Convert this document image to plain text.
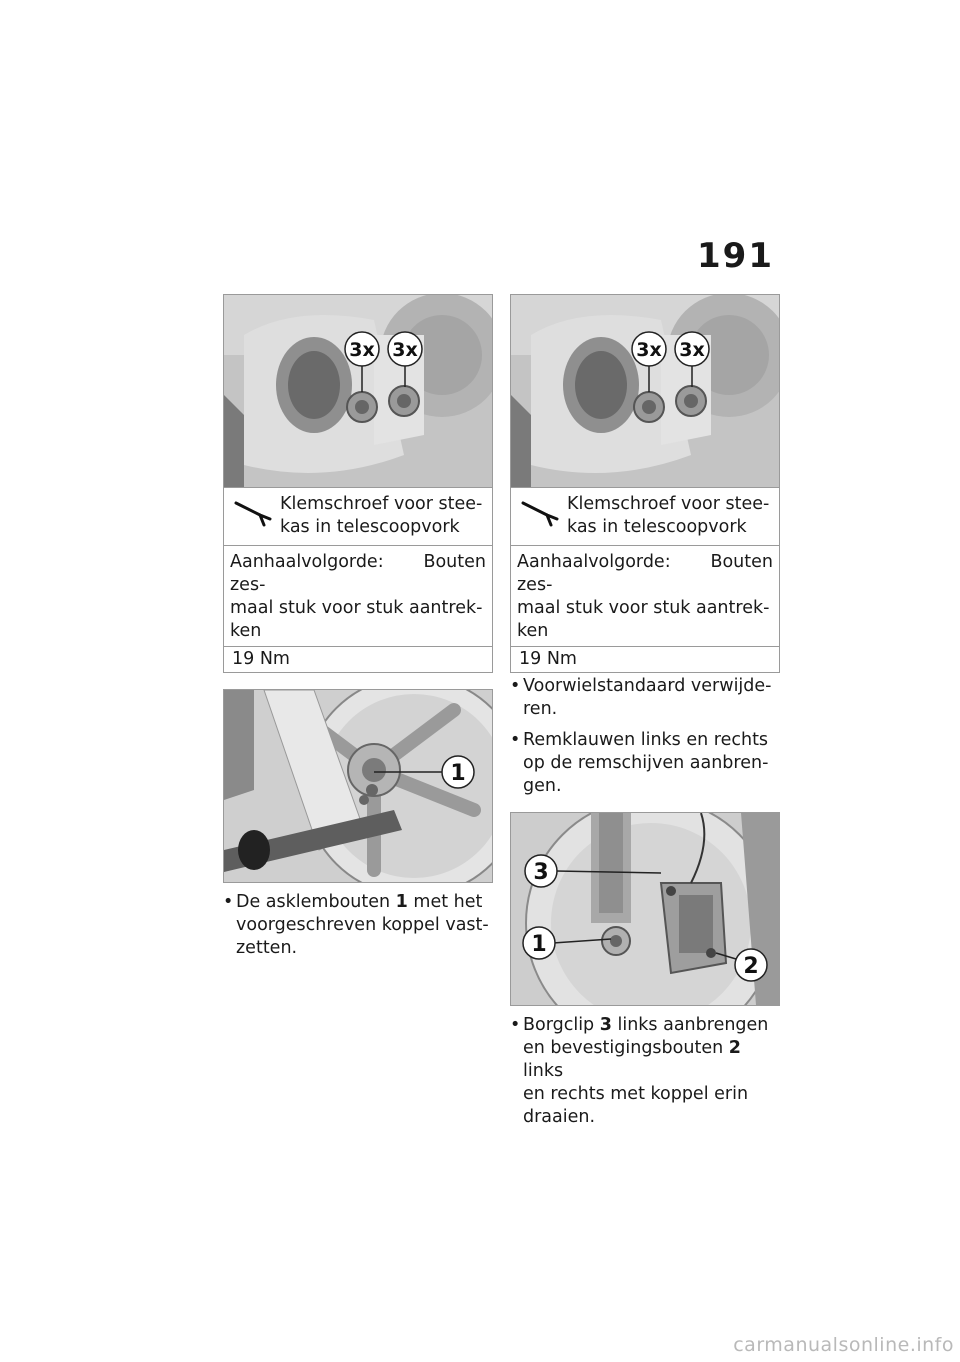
191
3x 3x
Klemschroef voor stee-
kas in telescoopvork
Aanhaalvolgorde: Bouten zes-
maal stuk voor stuk aantrek-
ken
19 Nm
1
• De asklembouten 1 met het
voorgeschreven koppel vast-
zetten.
3x 3x
Klemschroef voor stee-
kas in telescoopvork
Aanhaalvolgorde: Bouten zes-
maal stuk voor stuk aantrek-
ken
19 Nm
• Voorwielstandaard verwijde-
ren.
• Remklauwen links en rechts
op de remschijven aanbren-
gen.
3
1
2
• Borgclip 3 links aanbrengen
en bevestigingsbouten 2 links
en rechts met koppel erin
draaien.
carmanualsonline.info
